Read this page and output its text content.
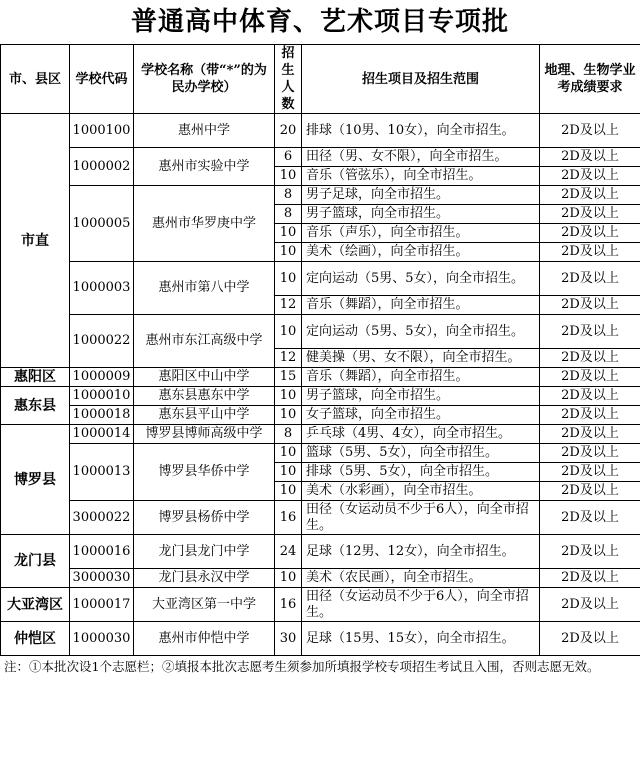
普通高中体育、艺术项目专项批
市、县区	学校代码	学校名称（带“*”的为民办学校）	招生人数	招生项目及招生范围	地理、生物学业考成绩要求
市直	1000100	惠州中学	20	排球（10男、10女），向全市招生。	2D及以上
	1000002	惠州市实验中学	6	田径（男、女不限），向全市招生。	2D及以上
			10	音乐（管弦乐），向全市招生。	2D及以上
	1000005	惠州市华罗庚中学	8	男子足球，向全市招生。	2D及以上
			8	男子篮球，向全市招生。	2D及以上
			10	音乐（声乐），向全市招生。	2D及以上
			10	美术（绘画），向全市招生。	2D及以上
	1000003	惠州市第八中学	10	定向运动（5男、5女），向全市招生。	2D及以上
			12	音乐（舞蹈），向全市招生。	2D及以上
	1000022	惠州市东江高级中学	10	定向运动（5男、5女），向全市招生。	2D及以上
			12	健美操（男、女不限），向全市招生。	2D及以上
惠阳区	1000009	惠阳区中山中学	15	音乐（舞蹈），向全市招生。	2D及以上
惠东县	1000010	惠东县惠东中学	10	男子篮球，向全市招生。	2D及以上
	1000018	惠东县平山中学	10	女子篮球，向全市招生。	2D及以上
博罗县	1000014	博罗县博师高级中学	8	乒乓球（4男、4女），向全市招生。	2D及以上
	1000013	博罗县华侨中学	10	篮球（5男、5女），向全市招生。	2D及以上
			10	排球（5男、5女），向全市招生。	2D及以上
			10	美术（水彩画），向全市招生。	2D及以上
	3000022	博罗县杨侨中学	16	田径（女运动员不少于6人），向全市招生。	2D及以上
龙门县	1000016	龙门县龙门中学	24	足球（12男、12女），向全市招生。	2D及以上
	3000030	龙门县永汉中学	10	美术（农民画），向全市招生。	2D及以上
大亚湾区	1000017	大亚湾区第一中学	16	田径（女运动员不少于6人），向全市招生。	2D及以上
仲恺区	1000030	惠州市仲恺中学	30	足球（15男、15女），向全市招生。	2D及以上
注：①本批次设1个志愿栏；②填报本批次志愿考生须参加所填报学校专项招生考试且入围，否则志愿无效。
